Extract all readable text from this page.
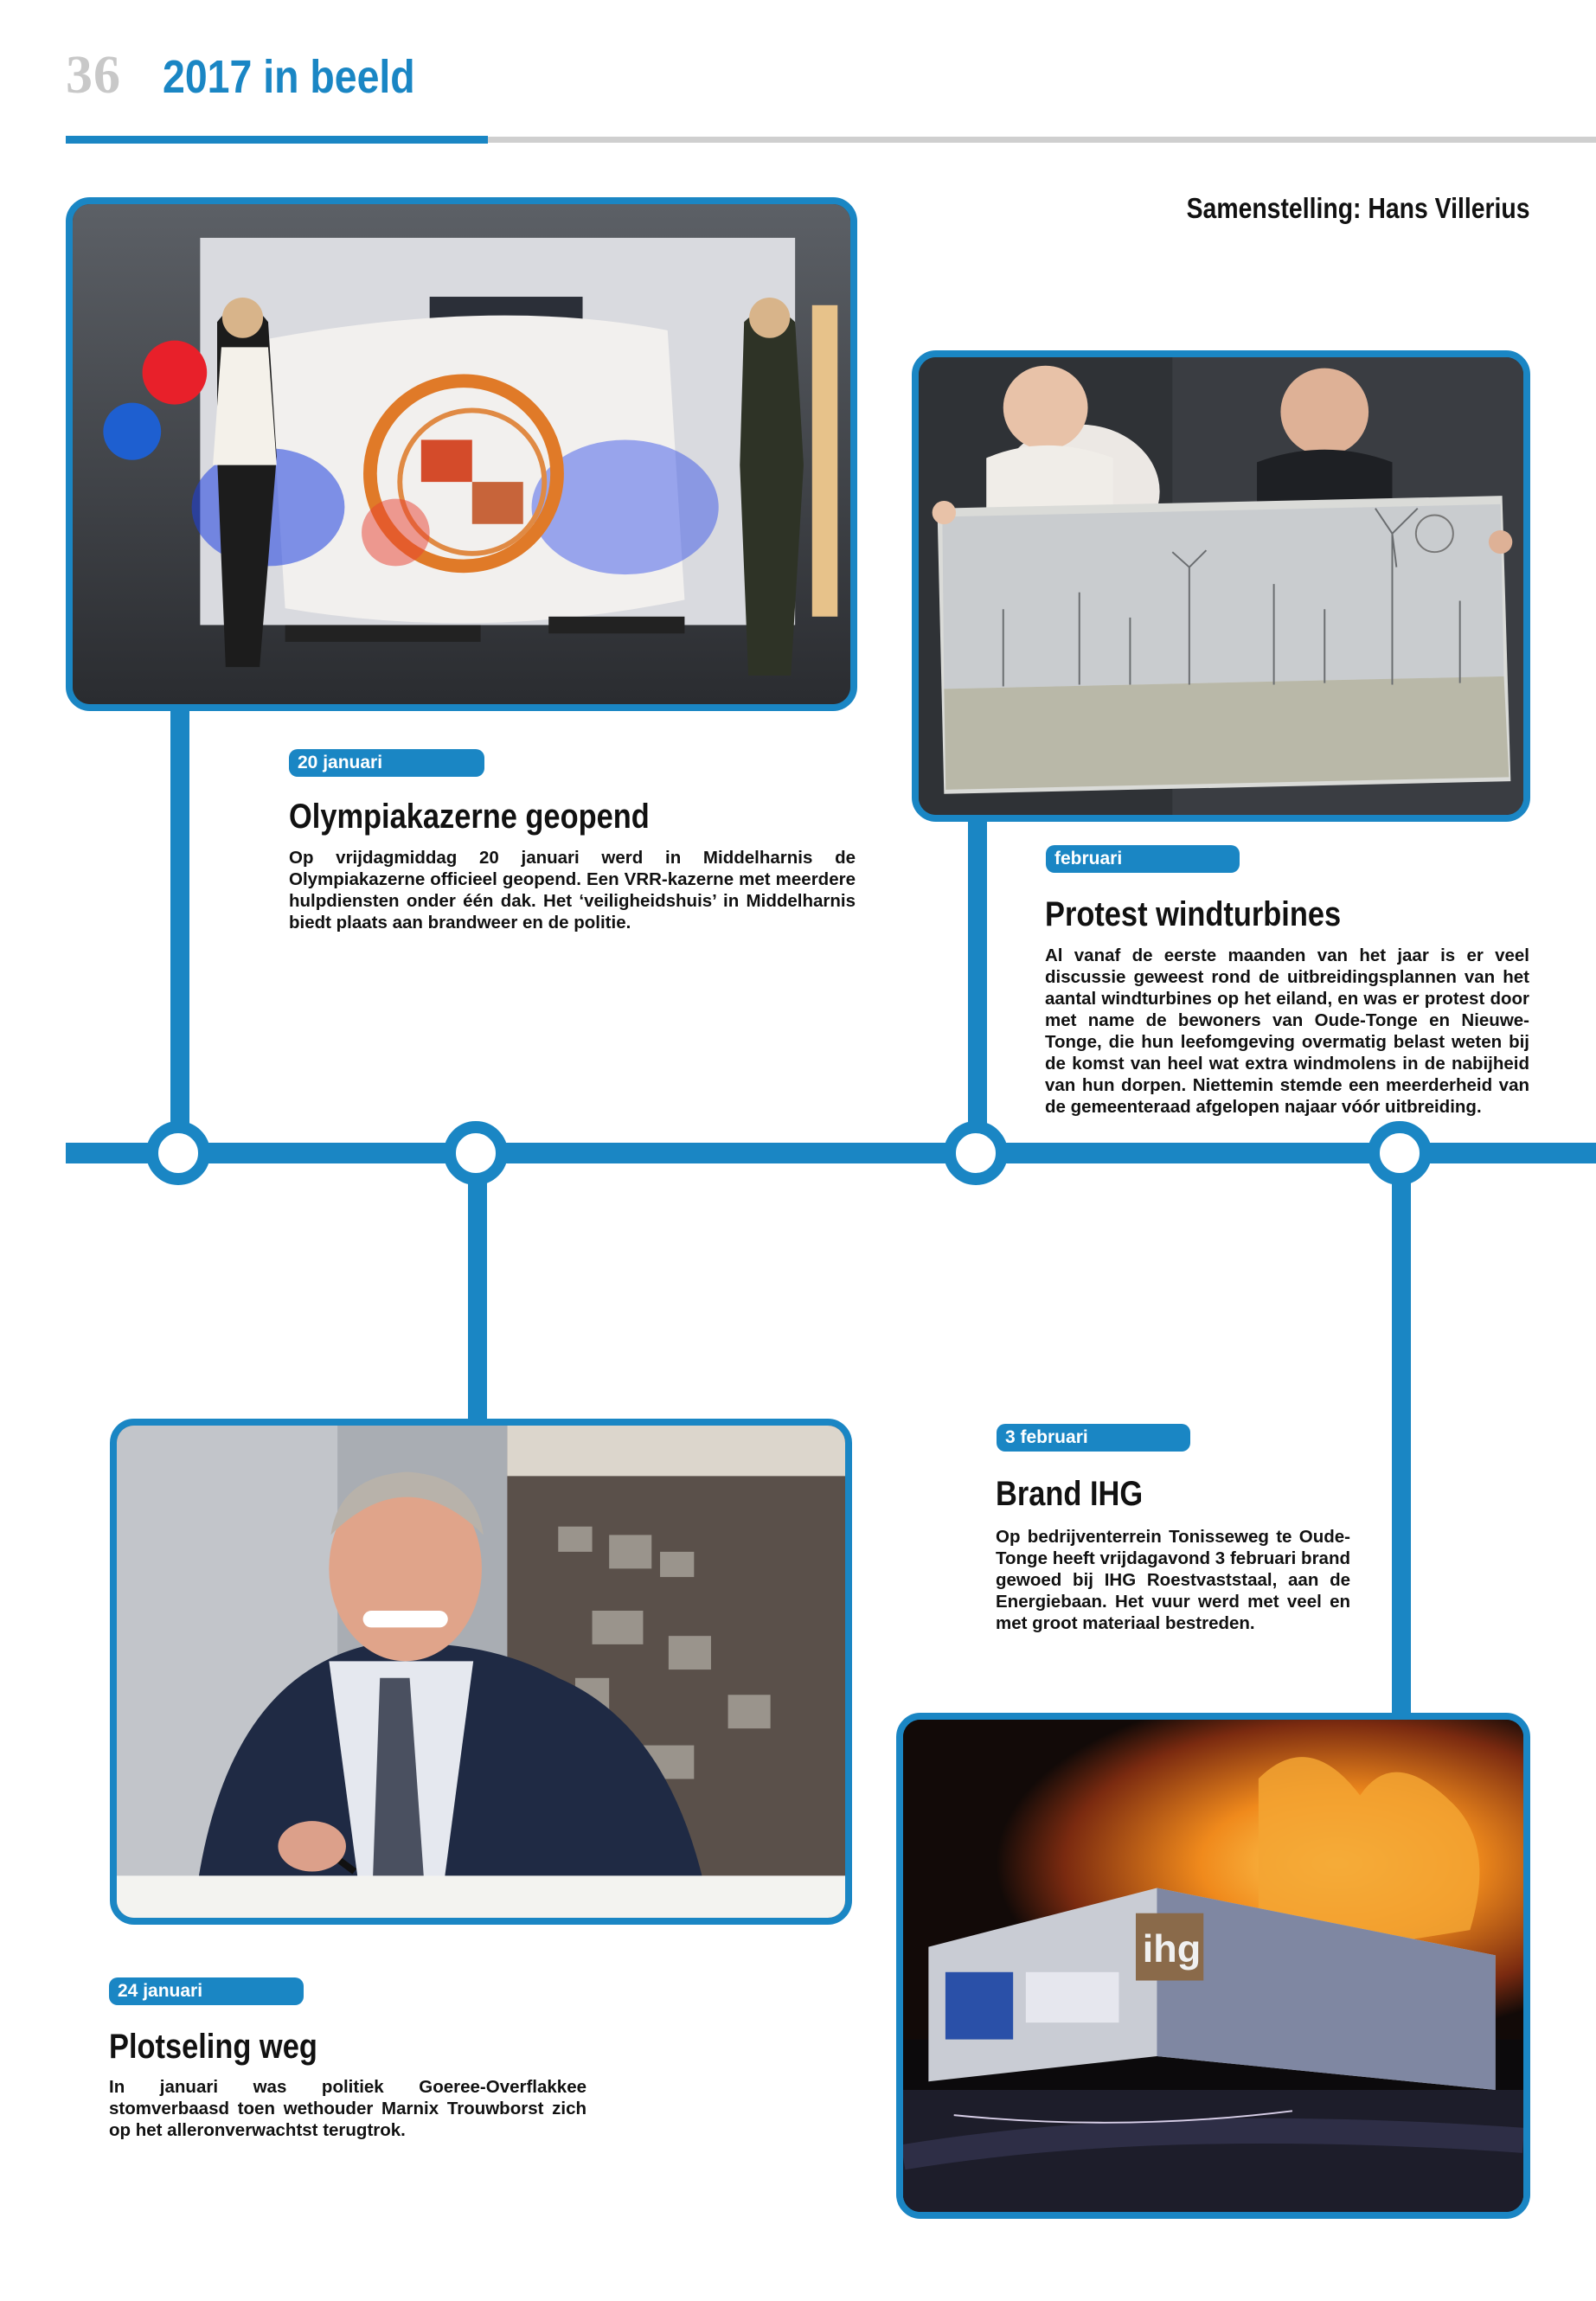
36 2017 in beeld
Samenstelling: Hans Villerius
ihg
20 januari
Olympiakazerne geopend
Op vrijdagmiddag 20 januari werd in Middelharnis de Olympiakazerne officieel geopend. Een VRR-kazerne met meerdere hulpdiensten onder één dak. Het ‘veiligheidshuis’ in Middelharnis biedt plaats aan brandweer en de politie.
februari
Protest windturbines
Al vanaf de eerste maanden van het jaar is er veel discussie geweest rond de uitbreidingsplannen van het aantal windturbines op het eiland, en was er protest door met name de bewoners van Oude-Tonge en Nieuwe-Tonge, die hun leefomgeving overmatig belast weten bij de komst van heel wat extra windmolens in de nabijheid van hun dorpen. Niettemin stemde een meerderheid van de gemeenteraad afgelopen najaar vóór uitbreiding.
24 januari
Plotseling weg
In januari was politiek Goeree-Overflakkee stomverbaasd toen wethouder Marnix Trouwborst zich op het alleronverwachtst terugtrok.
3 februari
Brand IHG
Op bedrijventerrein Tonisseweg te Oude-Tonge heeft vrijdagavond 3 februari brand gewoed bij IHG Roestvaststaal, aan de Energiebaan. Het vuur werd met veel en met groot materiaal bestreden.
